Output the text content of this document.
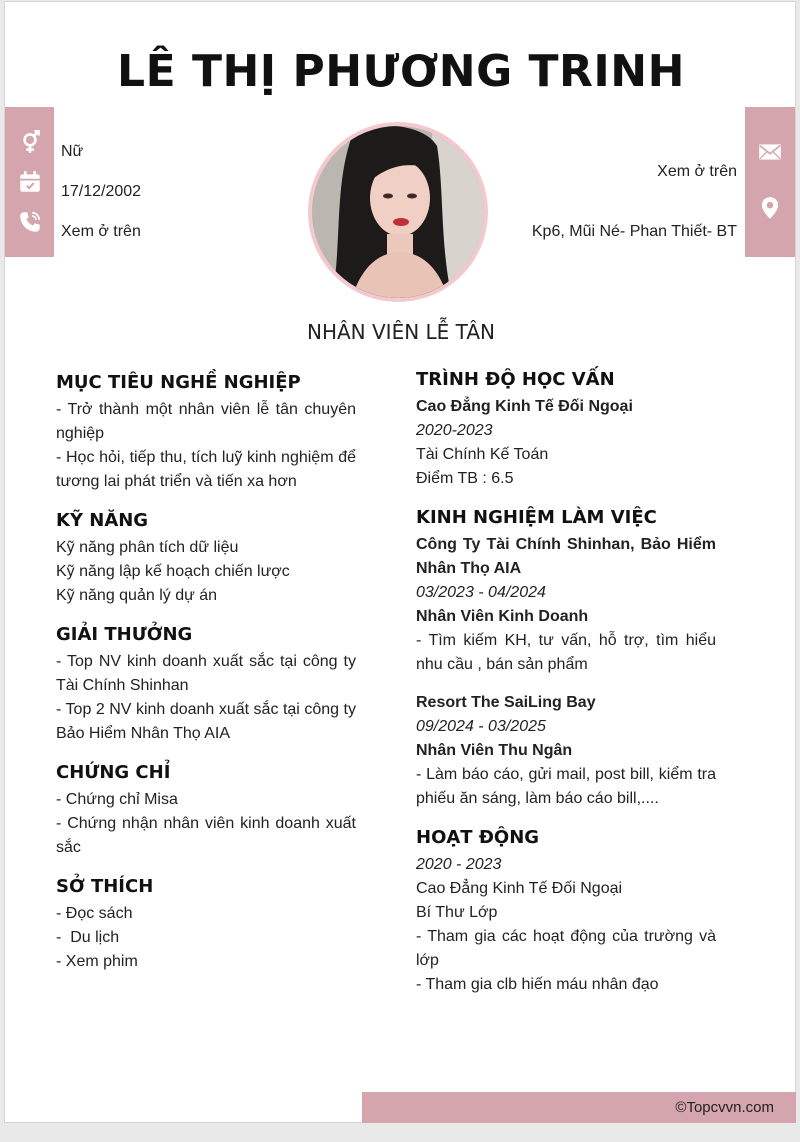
LÊ THỊ PHƯƠNG TRINH
Nữ
17/12/2002
Xem ở trên
Xem ở trên
Kp6, Mũi Né- Phan Thiết- BT
NHÂN VIÊN LỄ TÂN
MỤC TIÊU NGHỀ NGHIỆP
- Trở thành một nhân viên lễ tân chuyên nghiệp
- Học hỏi, tiếp thu, tích luỹ kinh nghiệm để tương lai phát triển và tiến xa hơn
KỸ NĂNG
Kỹ năng phân tích dữ liệu
Kỹ năng lập kế hoạch chiến lược
Kỹ năng quản lý dự án
GIẢI THƯỞNG
- Top NV kinh doanh xuất sắc tại công ty Tài Chính Shinhan
- Top 2 NV kinh doanh xuất sắc tại công ty Bảo Hiểm Nhân Thọ AIA
CHỨNG CHỈ
- Chứng chỉ Misa
- Chứng nhận nhân viên kinh doanh xuất sắc
SỞ THÍCH
- Đọc sách
-  Du lịch
- Xem phim
TRÌNH ĐỘ HỌC VẤN
Cao Đẳng Kinh Tế Đối Ngoại
2020-2023
Tài Chính Kế Toán
Điểm TB : 6.5
KINH NGHIỆM LÀM VIỆC
Công Ty Tài Chính Shinhan, Bảo Hiểm Nhân Thọ AIA
03/2023 - 04/2024
Nhân Viên Kinh Doanh
- Tìm kiếm KH, tư vấn, hỗ trợ, tìm hiểu nhu cầu , bán sản phẩm
Resort The SaiLing Bay
09/2024 - 03/2025
Nhân Viên Thu Ngân
- Làm báo cáo, gửi mail, post bill, kiểm tra phiếu ăn sáng, làm báo cáo bill,....
HOẠT ĐỘNG
2020 - 2023
Cao Đẳng Kinh Tế Đối Ngoại
Bí Thư Lớp
- Tham gia các hoạt động của trường và lớp
- Tham gia clb hiến máu nhân đạo
©Topcvvn.com
